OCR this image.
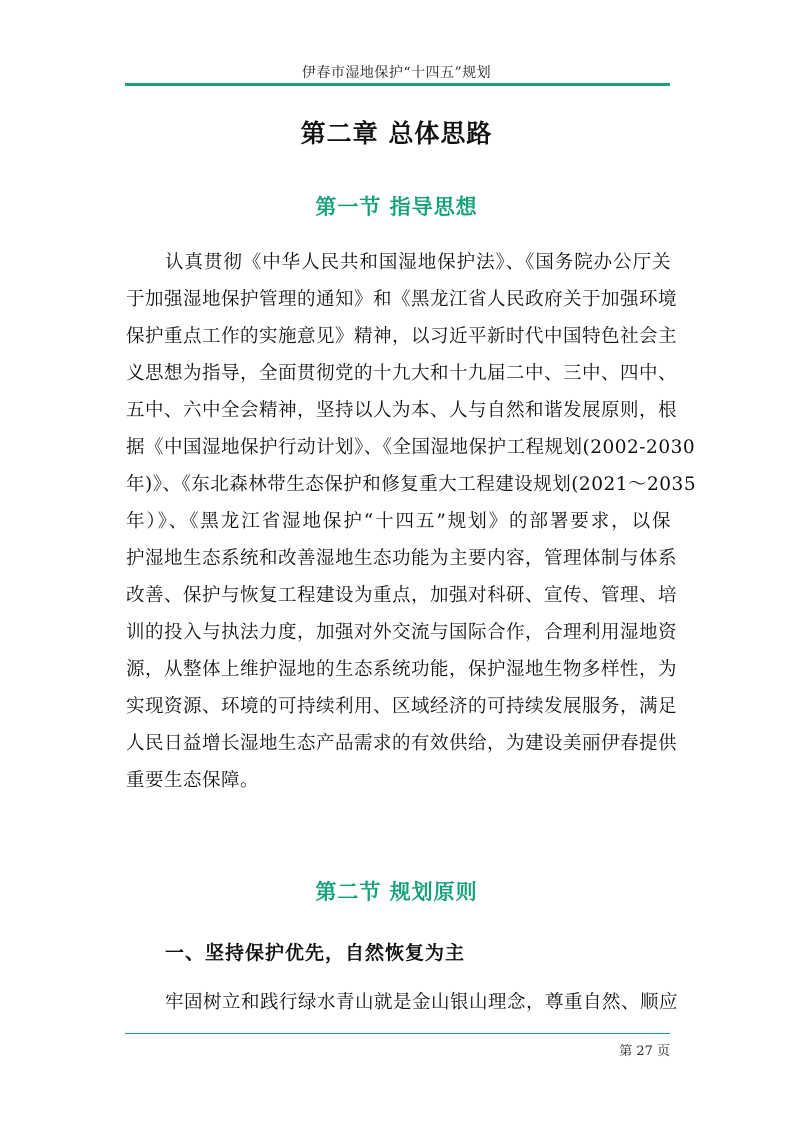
伊春市湿地保护“十四五”规划
第二章 总体思路
第一节 指导思想
认真贯彻《中华人民共和国湿地保护法》、《国务院办公厅关
于加强湿地保护管理的通知》和《黑龙江省人民政府关于加强环境
保护重点工作的实施意见》精神，以习近平新时代中国特色社会主
义思想为指导，全面贯彻党的十九大和十九届二中、三中、四中、
五中、六中全会精神，坚持以人为本、人与自然和谐发展原则，根
据《中国湿地保护行动计划》、《全国湿地保护工程规划(2002-2030
年)》、《东北森林带生态保护和修复重大工程建设规划(2021～2035
年）》、《黑龙江省湿地保护“十四五”规划》的部署要求，以保
护湿地生态系统和改善湿地生态功能为主要内容，管理体制与体系
改善、保护与恢复工程建设为重点，加强对科研、宣传、管理、培
训的投入与执法力度，加强对外交流与国际合作，合理利用湿地资
源，从整体上维护湿地的生态系统功能，保护湿地生物多样性，为
实现资源、环境的可持续利用、区域经济的可持续发展服务，满足
人民日益增长湿地生态产品需求的有效供给，为建设美丽伊春提供
重要生态保障。
第二节 规划原则
一、坚持保护优先，自然恢复为主
牢固树立和践行绿水青山就是金山银山理念，尊重自然、顺应
第 27 页
